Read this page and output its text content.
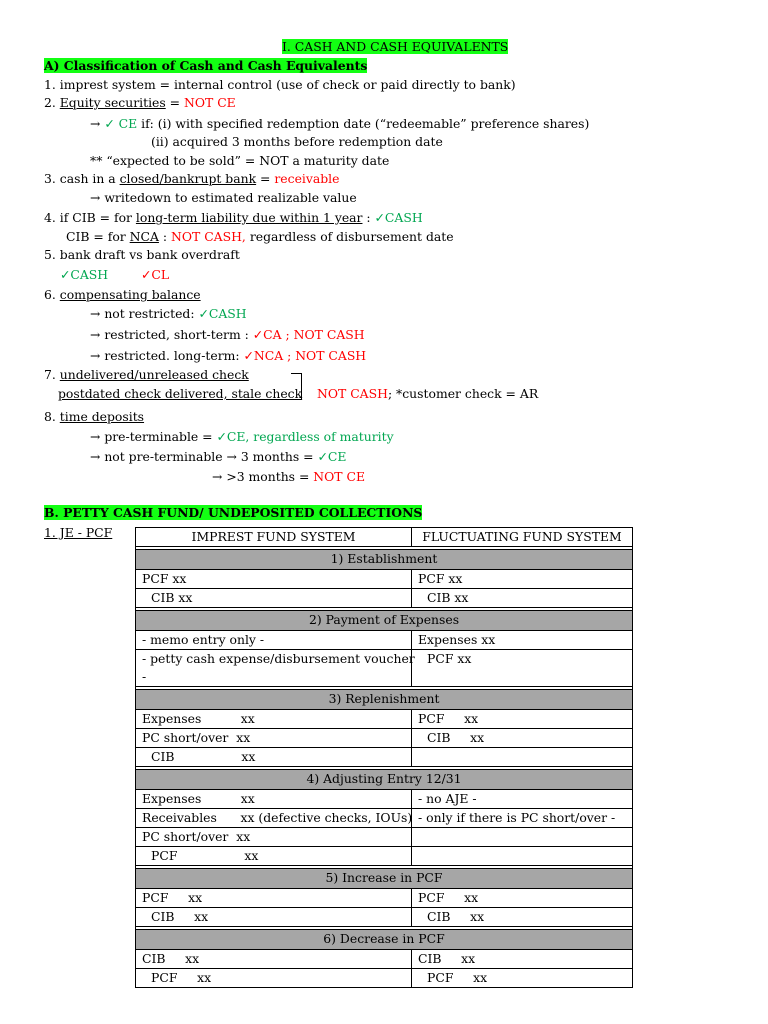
I. CASH AND CASH EQUIVALENTS
A) Classification of Cash and Cash Equivalents
1. imprest system = internal control (use of check or paid directly to bank)
2. Equity securities = NOT CE
→ ✓ CE if: (i) with specified redemption date (“redeemable” preference shares)
(ii) acquired 3 months before redemption date
** “expected to be sold” = NOT a maturity date
3. cash in a closed/bankrupt bank = receivable
→ writedown to estimated realizable value
4. if CIB = for long-term liability due within 1 year : ✓CASH
CIB = for NCA : NOT CASH, regardless of disbursement date
5. bank draft vs bank overdraft
✓CASH	✓CL
6. compensating balance
→ not restricted: ✓CASH
→ restricted, short-term : ✓CA ; NOT CASH
→ restricted. long-term: ✓NCA ; NOT CASH
7. undelivered/unreleased check
postdated check delivered, stale check NOT CASH; *customer check = AR
8. time deposits
→ pre-terminable = ✓CE, regardless of maturity
→ not pre-terminable → 3 months = ✓CE
→ >3 months = NOT CE
B. PETTY CASH FUND/ UNDEPOSITED COLLECTIONS
1. JE - PCF	IMPREST FUND SYSTEM	FLUCTUATING FUND SYSTEM

1) Establishment	
PCF xx	PCF xx
CIB xx	CIB xx

2) Payment of Expenses	
- memo entry only -	Expenses xx
- petty cash expense/disbursement voucher
-	PCF xx

3) Replenishment	
Expenses          xx	PCF     xx
PC short/over  xx	CIB     xx
CIB                 xx	

4) Adjusting Entry 12/31	
Expenses          xx	- no AJE -
Receivables      xx (defective checks, IOUs)	- only if there is PC short/over -
PC short/over  xx	
PCF                 xx	

5) Increase in PCF	
PCF     xx	PCF     xx
CIB     xx	CIB     xx

6) Decrease in PCF	
CIB     xx	CIB     xx
PCF     xx	PCF     xx
